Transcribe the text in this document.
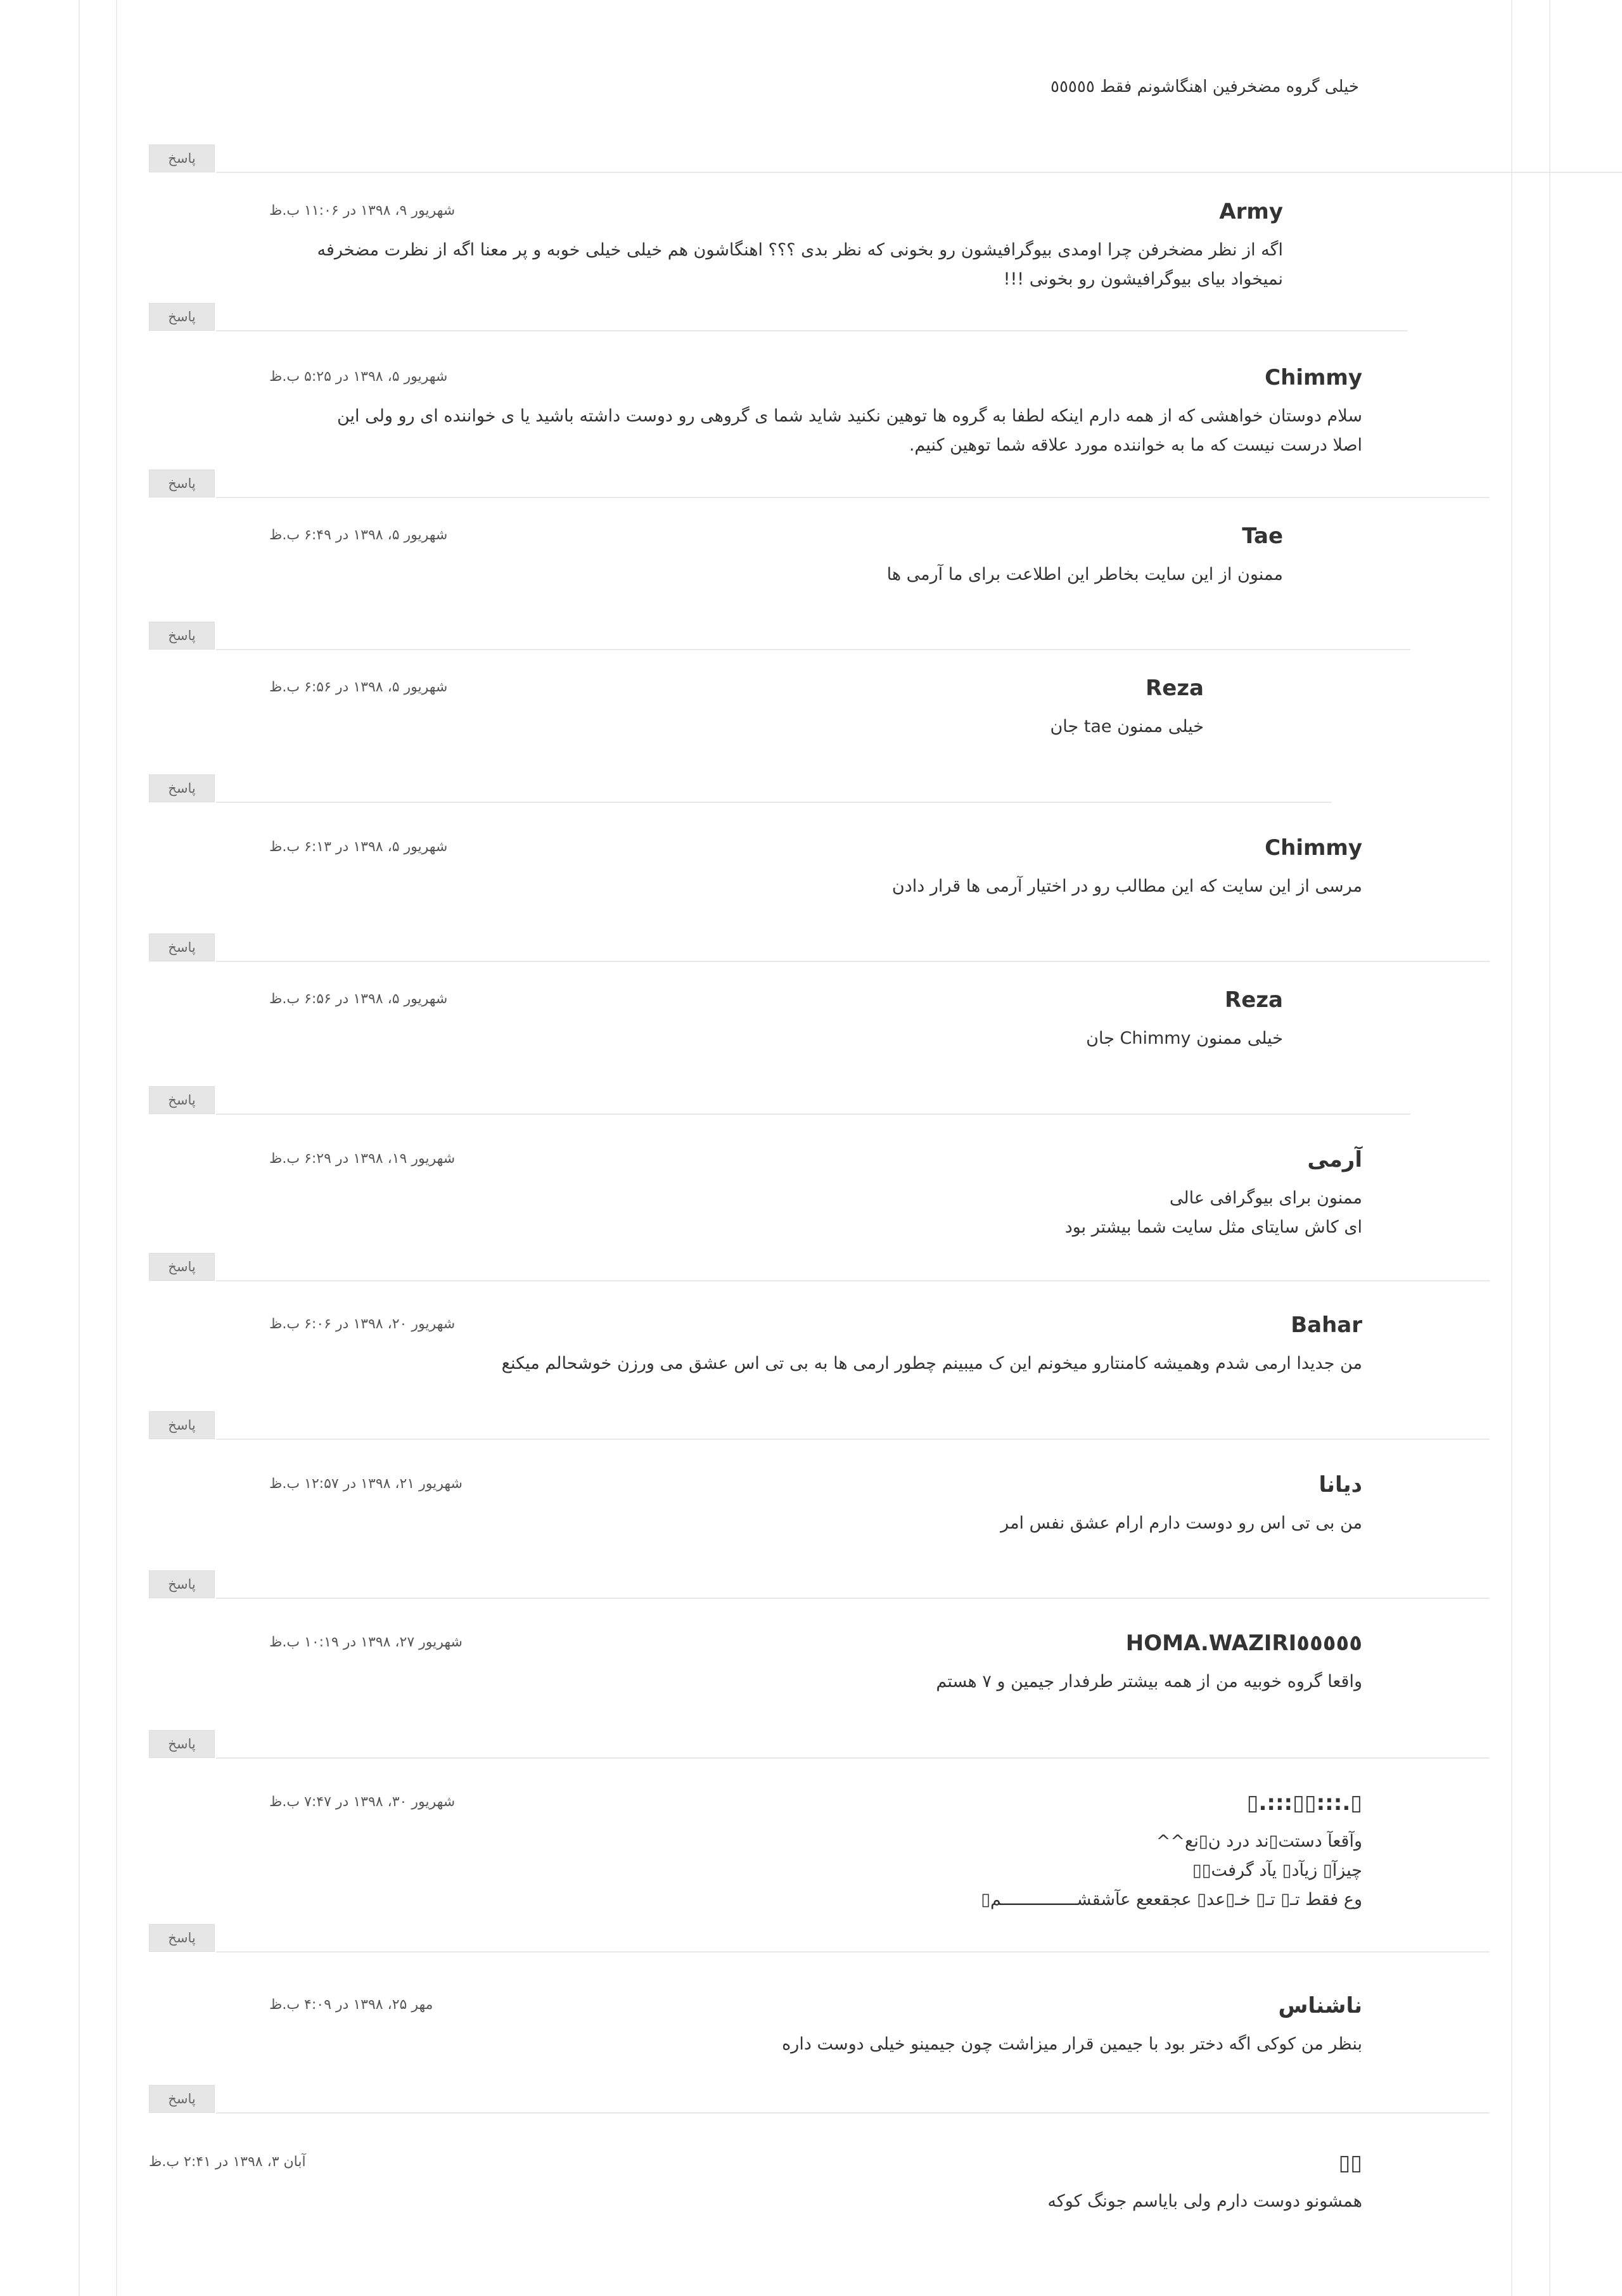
خیلی گروه مضخرفین اهنگاشونم فقط ٥٥٥٥٥
پاسخ
Army
شهریور ۹، ۱۳۹۸ در ۱۱:۰۶ ب.ظ
اگه از نظر مضخرفن چرا اومدی بیوگرافیشون رو بخونی که نظر بدی ؟؟؟ اهنگاشون هم خیلی خیلی خوبه و پر معنا اگه از نظرت مضخرفه
نمیخواد بیای بیوگرافیشون رو بخونی !!!
پاسخ
Chimmy
شهریور ۵، ۱۳۹۸ در ۵:۲۵ ب.ظ
سلام دوستان خواهشی که از همه دارم اینکه لطفا به گروه ها توهین نکنید شاید شما ی گروهی رو دوست داشته باشید یا ی خواننده ای رو ولی این
اصلا درست نیست که ما به خواننده مورد علاقه شما توهین کنیم.
پاسخ
Tae
شهریور ۵، ۱۳۹۸ در ۶:۴۹ ب.ظ
ممنون از این سایت بخاطر این اطلاعت برای ما آرمی ها
پاسخ
Reza
شهریور ۵، ۱۳۹۸ در ۶:۵۶ ب.ظ
خیلی ممنون tae جان
پاسخ
Chimmy
شهریور ۵، ۱۳۹۸ در ۶:۱۳ ب.ظ
مرسی از این سایت که این مطالب رو در اختیار آرمی ها قرار دادن
پاسخ
Reza
شهریور ۵، ۱۳۹۸ در ۶:۵۶ ب.ظ
خیلی ممنون Chimmy جان
پاسخ
آرمی
شهریور ۱۹، ۱۳۹۸ در ۶:۲۹ ب.ظ
ممنون برای بیوگرافی عالی
ای کاش سایتای مثل سایت شما بیشتر بود
پاسخ
Bahar
شهریور ۲۰، ۱۳۹۸ در ۶:۰۶ ب.ظ
من جدیدا ارمی شدم وهمیشه کامنتارو میخونم این ک میبینم چطور ارمی ها به بی تی اس عشق می ورزن خوشحالم میکنع
پاسخ
دیانا
شهریور ۲۱، ۱۳۹۸ در ۱۲:۵۷ ب.ظ
من بی تی اس رو دوست دارم ارام عشق نفس امر
پاسخ
HOMA.WAZIRI٥٥٥٥٥
شهریور ۲۷، ۱۳۹۸ در ۱۰:۱۹ ب.ظ
واقعا گروه خوبیه من از همه بیشتر طرفدار جیمین و ۷ هستم
پاسخ
▯.:::▯▯:::.▯
شهریور ۳۰، ۱۳۹۸ در ۷:۴۷ ب.ظ
وآقعآ دستت▯ند درد ن▯نع^^
چیزآ▯ زیآد▯ یآد گرفت▯▯
وع فقط تـ▯ تـ▯ خـ▯عد▯ عجقععع عآشقشـــــــــــــــم▯
پاسخ
ناشناس
مهر ۲۵، ۱۳۹۸ در ۴:۰۹ ب.ظ
بنظر من کوکی اگه دختر بود با جیمین قرار میزاشت چون جیمینو خیلی دوست داره
پاسخ
▯▯
آبان ۳، ۱۳۹۸ در ۲:۴۱ ب.ظ
همشونو دوست دارم ولی بایاسم جونگ کوکه
